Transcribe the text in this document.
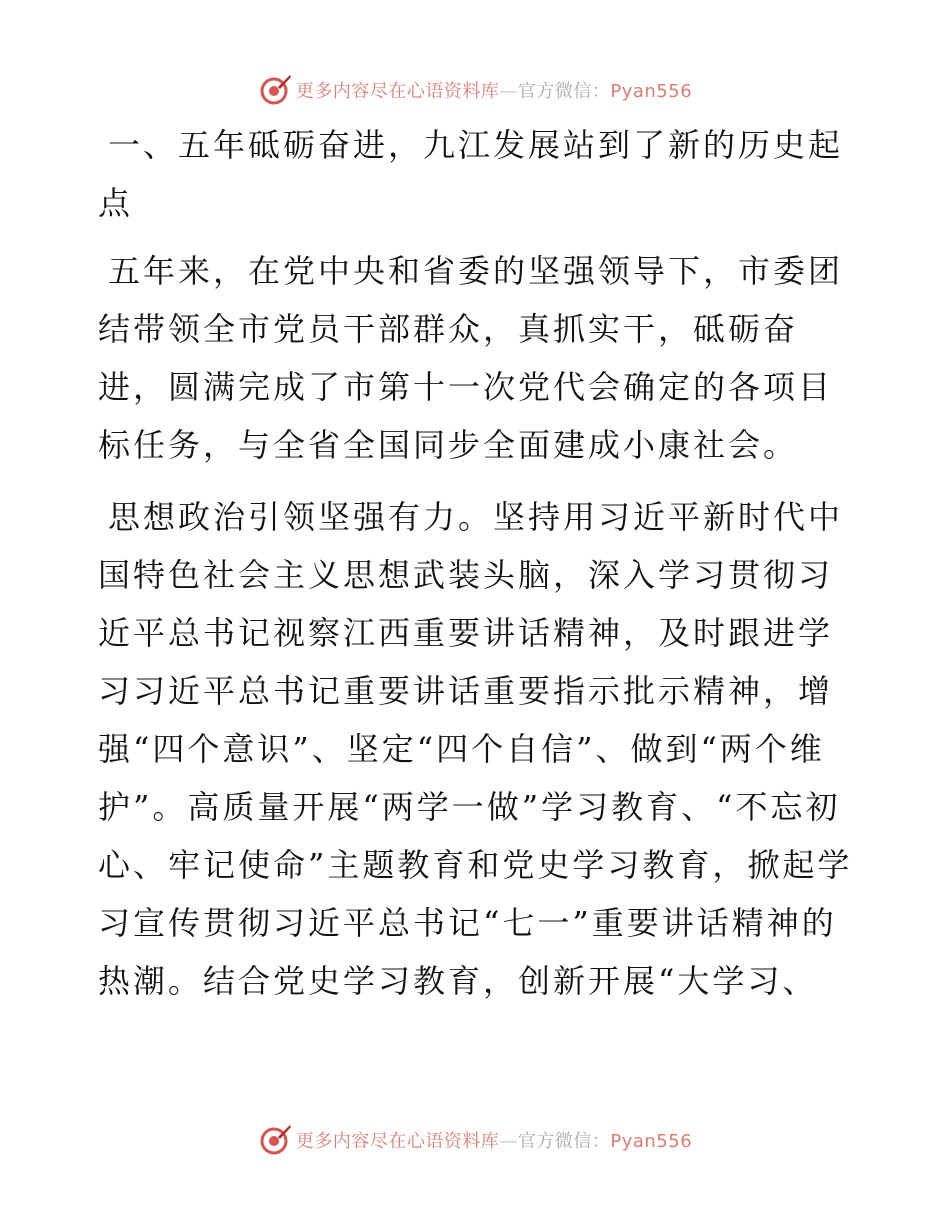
更多内容尽在心语资料库—官方微信：Pyan556

一、五年砥砺奋进，九江发展站到了新的历史起点

五年来，在党中央和省委的坚强领导下，市委团结带领全市党员干部群众，真抓实干，砥砺奋进，圆满完成了市第十一次党代会确定的各项目标任务，与全省全国同步全面建成小康社会。

思想政治引领坚强有力。坚持用习近平新时代中国特色社会主义思想武装头脑，深入学习贯彻习近平总书记视察江西重要讲话精神，及时跟进学习习近平总书记重要讲话重要指示批示精神，增强“四个意识”、坚定“四个自信”、做到“两个维护”。高质量开展“两学一做”学习教育、“不忘初心、牢记使命”主题教育和党史学习教育，掀起学习宣传贯彻习近平总书记“七一”重要讲话精神的热潮。结合党史学习教育，创新开展“大学习、

更多内容尽在心语资料库—官方微信：Pyan556
